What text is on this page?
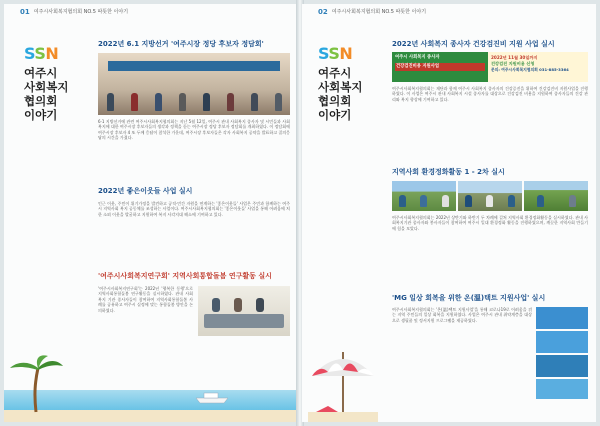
01 여주시사회복지협의회 NO.5 따뜻한 이야기
SSN
여주시
사회복지
협의회
이야기
2022년 6.1 지방선거 '여주시장 정당 후보자 정담회'
6·1 지방선거에 관련 여주시사회복지협의회는 지난 5월 12일, 여주시 관내 사회복지 종사자 및 시민들과 사회복지에 대한 여주시장 후보자들의 생각과 정책을 듣는 여주시장 정당 후보자 정담회를 개최하였다. 이 정담회에 여주시장 후보자 4 또 두께 응답이 참석한 가운데, 여주시장 후보자들은 각자 사회복지 공약을 발표하고 질의응답의 시간을 가졌다.
2022년 좋은이웃들 사업 실시
인근 이웃, 주민이 위기가정을 발견하고 공적·민간 자원을 연계하는 '좋은이웃들' 사업은 주민과 함께하는 여주시 지역사회 복지 공동체를 조성하는 사업이다. 여주시사회복지협의회는 '좋은이웃들' 사업을 통해 어려움에 처한 소외 이웃을 발굴하고 지원하여 복지 사각지대 해소에 기여하고 있다.
'여주시사회복지연구회' 지역사회통합돌봄 연구활동 실시
'여주시사회복지연구회'는 2022년 '행복한 동행'으로 지역사회통합돌봄 연구활동을 실시하였다. 관내 사회복지 기관 종사자들이 참여하여 지역사회통합돌봄 사례를 공유하고 여주시 실정에 맞는 통합돌봄 방안을 논의하였다.
02 여주시사회복지협의회 NO.5 따뜻한 이야기
SSN
여주시
사회복지
협의회
이야기
2022년 사회복지 종사자 건강검진비 지원 사업 실시
여주시 사회복지 종사자
건강검진비용 지원사업
2022년 11월 30일까지
건강검진 지원비용 신청
문의: 여주시사회복지협의회 031-885-3364
여주시사회복지협의회는 재단과 함께 여주시 사회복지 종사자의 건강증진을 위하여 건강검진비 지원사업을 진행하였다. 이 사업은 여주시 관내 사회복지 시설 종사자를 대상으로 건강검진 비용을 지원하여 종사자들의 건강 관리와 복지 향상에 기여하고 있다.
지역사회 환경정화활동 1 - 2차 실시
여주시사회복지협의회는 2022년 상반기와 하반기 두 차례에 걸쳐 지역사회 환경정화활동을 실시하였다. 관내 사회복지기관 종사자와 봉사자들이 참여하여 여주시 일대 환경정화 활동을 진행하였으며, 깨끗한 지역사회 만들기에 힘을 모았다.
'MG 일상 회복을 위한 온(溫)택트 지원사업' 실시
여주시사회복지협의회는 '온(溫)택트 지원사업'을 통해 코로나19로 어려움을 겪는 지역 주민들의 일상 회복을 지원하였다. 사업은 여주시 관내 취약계층을 대상으로 생필품 및 정서지원 프로그램을 제공하였다.
